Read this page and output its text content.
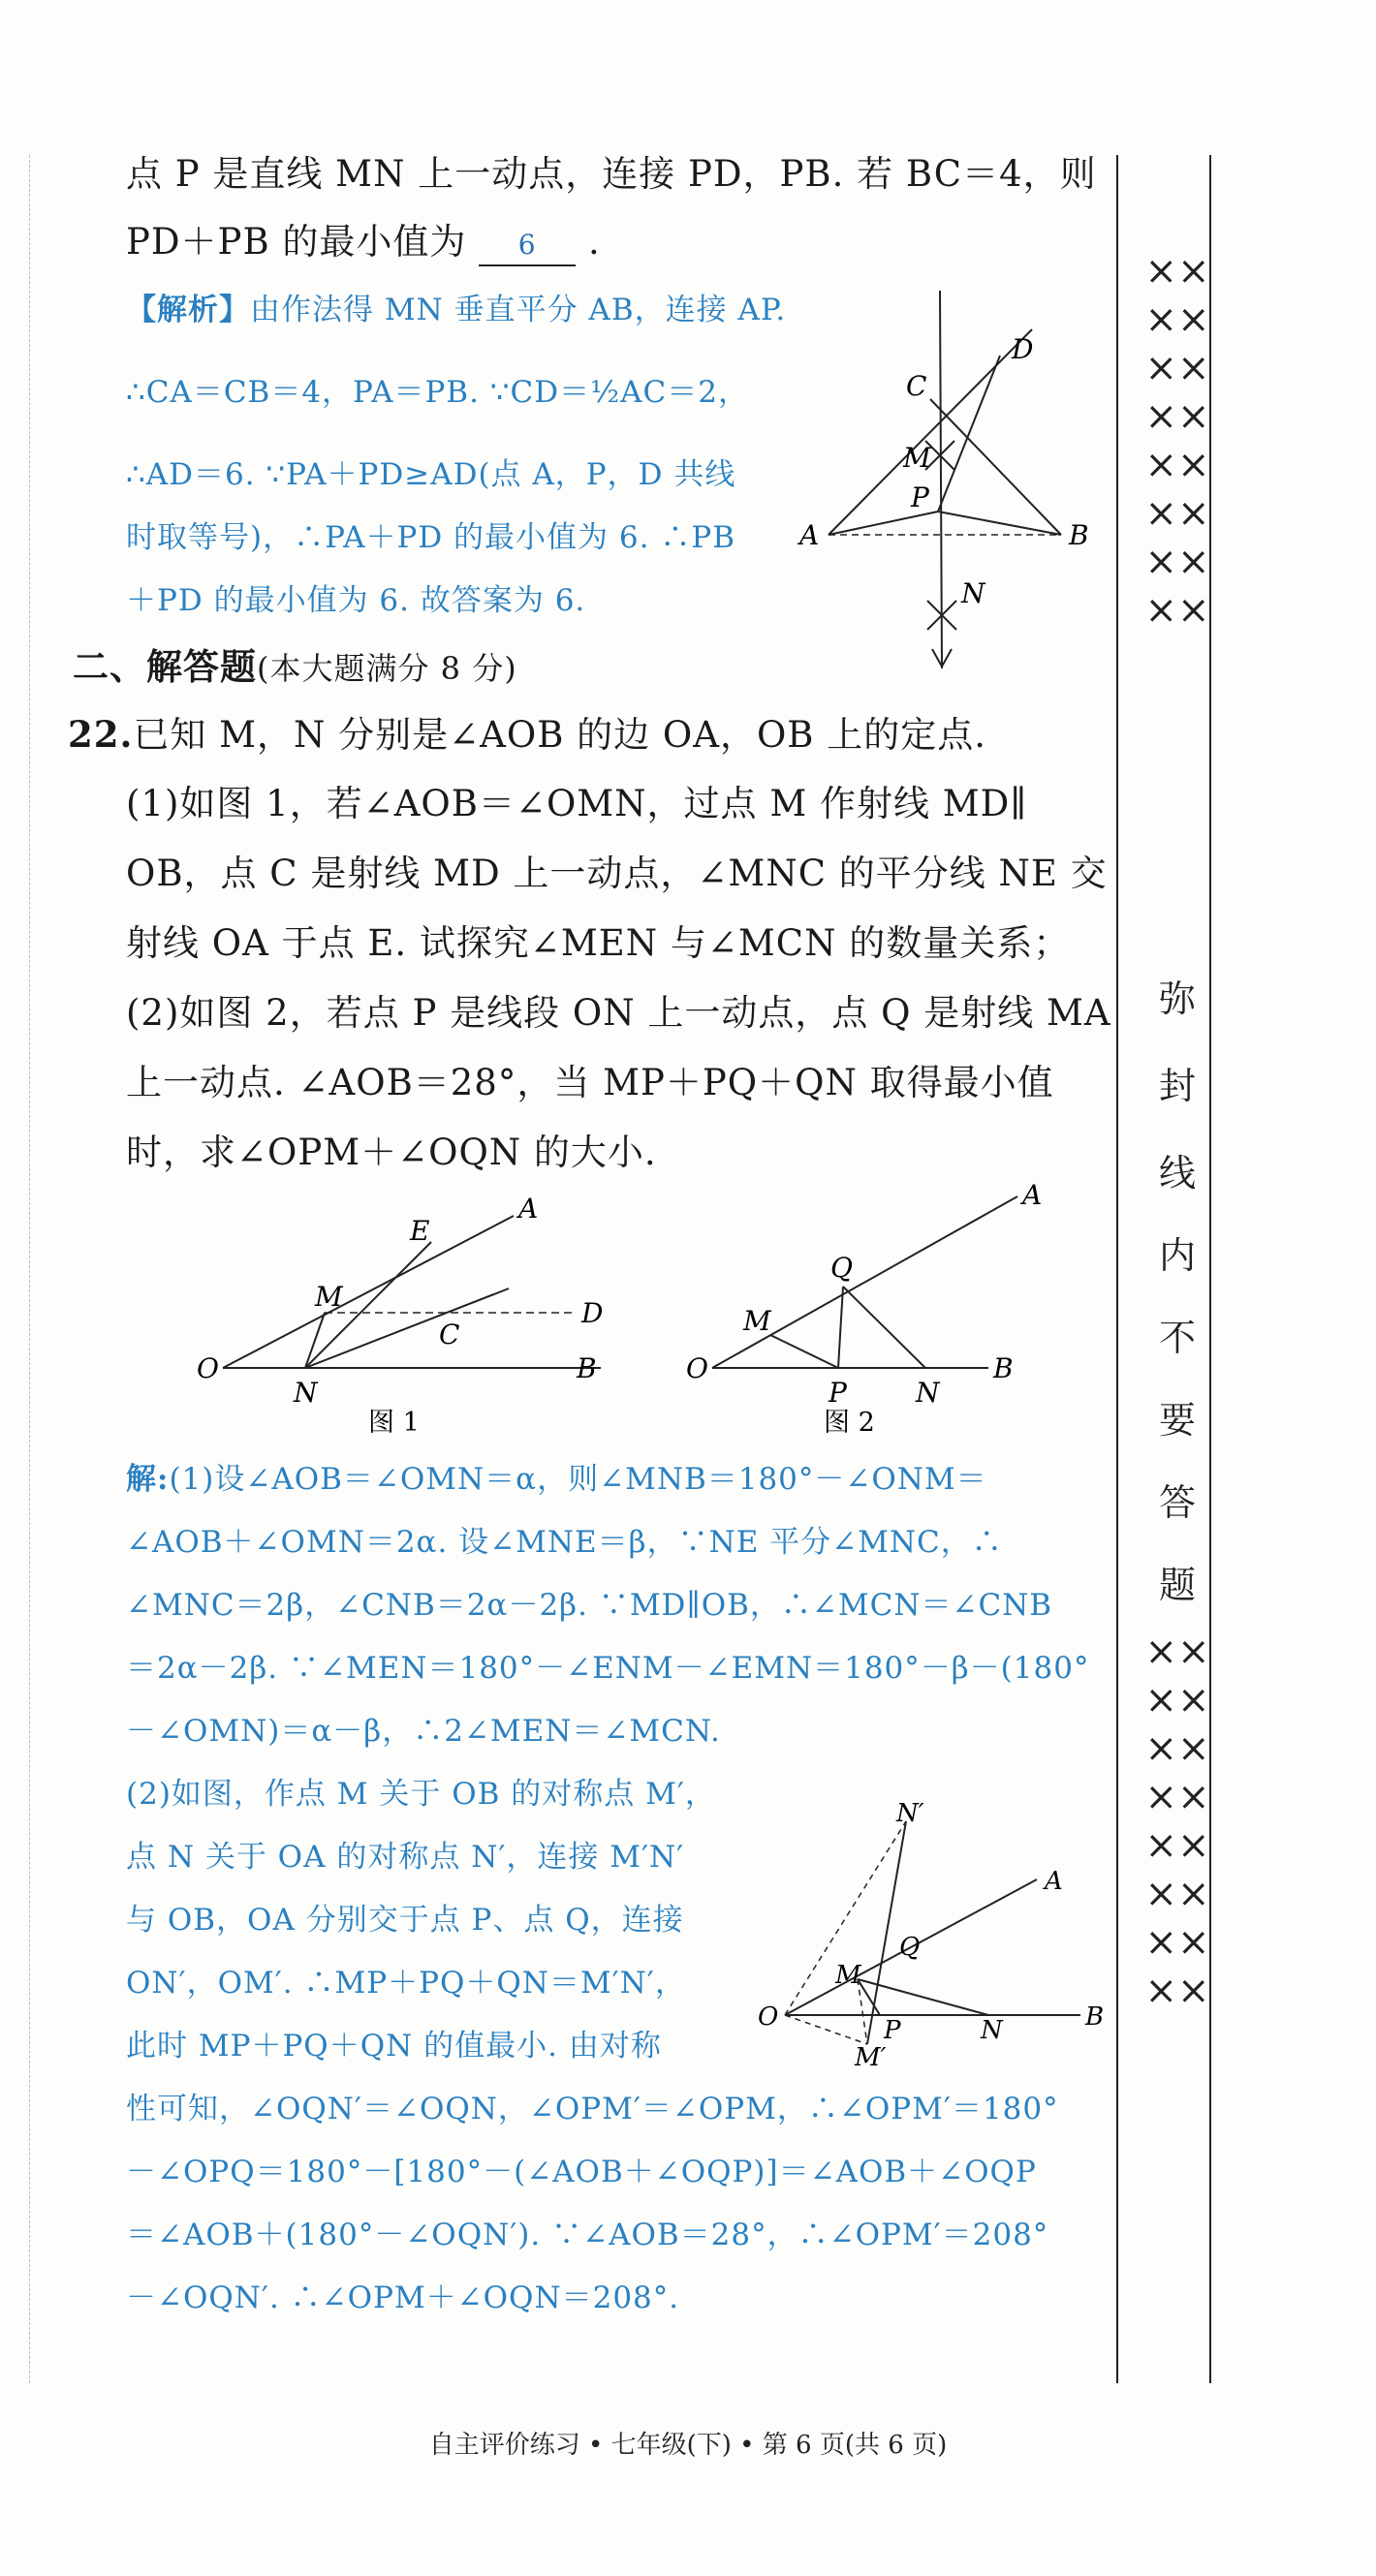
点 P 是直线 MN 上一动点，连接 PD，PB. 若 BC＝4，则
PD＋PB 的最小值为 6 .
【解析】由作法得 MN 垂直平分 AB，连接 AP.
∴CA＝CB＝4，PA＝PB. ∵CD＝½AC＝2，
∴AD＝6. ∵PA＋PD≥AD(点 A，P，D 共线
时取等号)，∴PA＋PD 的最小值为 6. ∴PB
＋PD 的最小值为 6. 故答案为 6.
D
C
M
P
A	B
N
二、解答题(本大题满分 8 分)
22.已知 M，N 分别是∠AOB 的边 OA，OB 上的定点.
(1)如图 1，若∠AOB＝∠OMN，过点 M 作射线 MD∥
OB，点 C 是射线 MD 上一动点，∠MNC 的平分线 NE 交
射线 OA 于点 E. 试探究∠MEN 与∠MCN 的数量关系；
(2)如图 2，若点 P 是线段 ON 上一动点，点 Q 是射线 MA
上一动点. ∠AOB＝28°，当 MP＋PQ＋QN 取得最小值
时，求∠OPM＋∠OQN 的大小.
A
E
M
D
C
O
N
B
图 1
A
Q
M
O
P	N
B
图 2
解:(1)设∠AOB＝∠OMN＝α，则∠MNB＝180°－∠ONM＝
∠AOB＋∠OMN＝2α. 设∠MNE＝β，∵NE 平分∠MNC，∴
∠MNC＝2β，∠CNB＝2α－2β. ∵MD∥OB，∴∠MCN＝∠CNB
＝2α－2β. ∵∠MEN＝180°－∠ENM－∠EMN＝180°－β－(180°
－∠OMN)＝α－β，∴2∠MEN＝∠MCN.
(2)如图，作点 M 关于 OB 的对称点 M′，
点 N 关于 OA 的对称点 N′，连接 M′N′
与 OB，OA 分别交于点 P、点 Q，连接
ON′，OM′. ∴MP＋PQ＋QN＝M′N′，
此时 MP＋PQ＋QN 的值最小. 由对称
N′
A
Q
M
O	P	N	B
M′
性可知，∠OQN′＝∠OQN，∠OPM′＝∠OPM，∴∠OPM′＝180°
－∠OPQ＝180°－[180°－(∠AOB＋∠OQP)]＝∠AOB＋∠OQP
＝∠AOB＋(180°－∠OQN′). ∵∠AOB＝28°，∴∠OPM′＝208°
－∠OQN′. ∴∠OPM＋∠OQN＝208°.
××××××××××××××××
弥
封
线
内
不
要
答
题
××××××××××××××××
自主评价练习 • 七年级(下) • 第 6 页(共 6 页)
